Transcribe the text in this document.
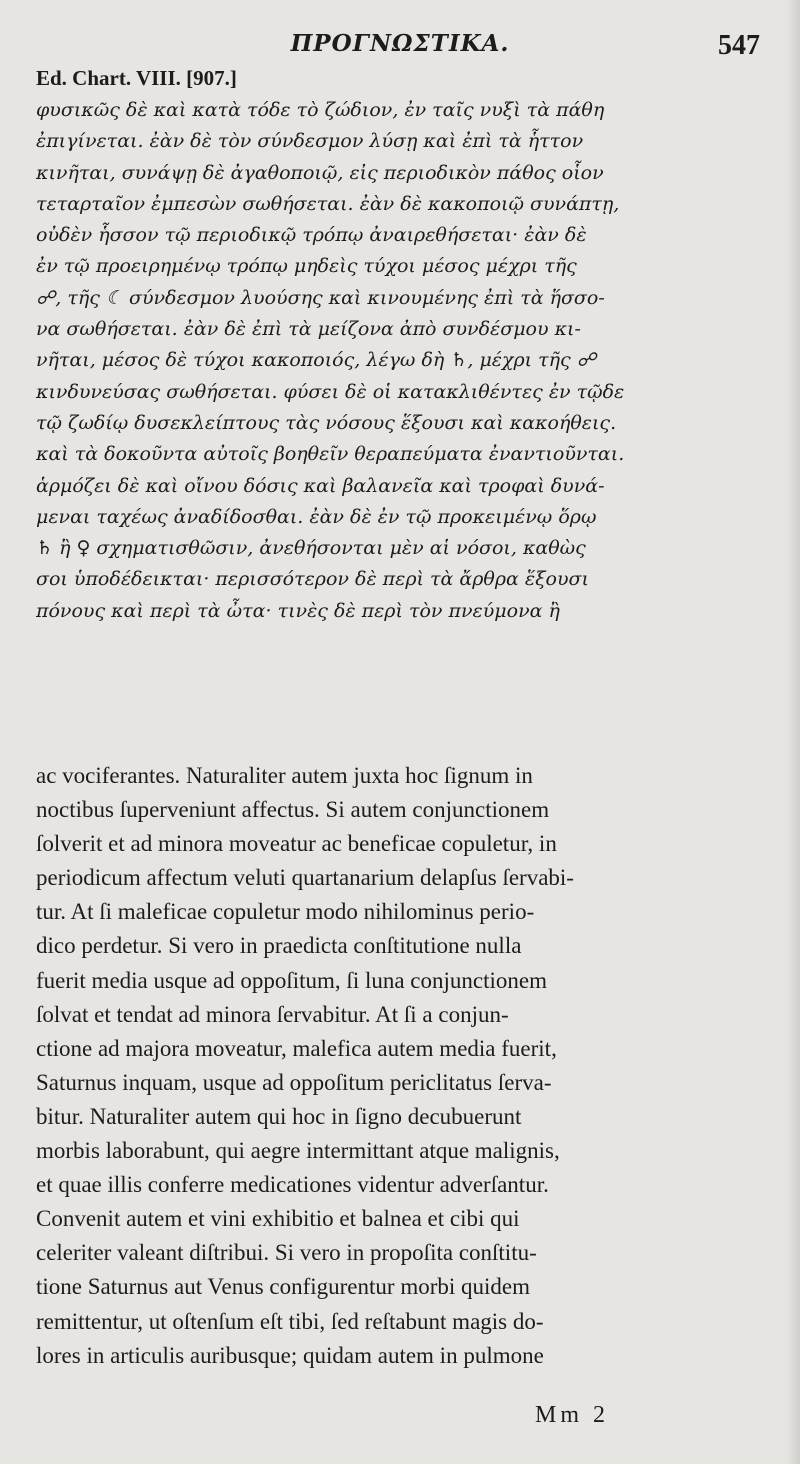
ΠΡΟΓΝΩΣΤΙΚΑ.	547
Ed. Chart. VIII. [907.]
φυσικῶς δὲ καὶ κατὰ τόδε τὸ ζώδιον, ἐν ταῖς νυξὶ τὰ πάθη
ἐπιγίνεται. ἐὰν δὲ τὸν σύνδεσμον λύσῃ καὶ ἐπὶ τὰ ἧττον
κινῆται, συνάψῃ δὲ ἀγαθοποιῷ, εἰς περιοδικὸν πάθος οἷον
τεταρταῖον ἐμπεσὼν σωθήσεται. ἐὰν δὲ κακοποιῷ συνάπτῃ,
οὐδὲν ἧσσον τῷ περιοδικῷ τρόπῳ ἀναιρεθήσεται· ἐὰν δὲ
ἐν τῷ προειρημένῳ τρόπῳ μηδεὶς τύχοι μέσος μέχρι τῆς
☍, τῆς ☾ σύνδεσμον λυούσης καὶ κινουμένης ἐπὶ τὰ ἥσσο-
να σωθήσεται. ἐὰν δὲ ἐπὶ τὰ μείζονα ἀπὸ συνδέσμου κι-
νῆται, μέσος δὲ τύχοι κακοποιός, λέγω δὴ ♄, μέχρι τῆς ☍
κινδυνεύσας σωθήσεται. φύσει δὲ οἱ κατακλιθέντες ἐν τῷδε
τῷ ζωδίῳ δυσεκλείπτους τὰς νόσους ἕξουσι καὶ κακοήθεις.
καὶ τὰ δοκοῦντα αὐτοῖς βοηθεῖν θεραπεύματα ἐναντιοῦνται.
ἁρμόζει δὲ καὶ οἴνου δόσις καὶ βαλανεῖα καὶ τροφαὶ δυνά-
μεναι ταχέως ἀναδίδοσθαι. ἐὰν δὲ ἐν τῷ προκειμένῳ ὅρῳ
♄ ἢ ♀ σχηματισθῶσιν, ἀνεθήσονται μὲν αἱ νόσοι, καθὼς
σοι ὑποδέδεικται· περισσότερον δὲ περὶ τὰ ἄρθρα ἕξουσι
πόνους καὶ περὶ τὰ ὦτα· τινὲς δὲ περὶ τὸν πνεύμονα ἢ
ac vociferantes. Naturaliter autem juxta hoc ſignum in
noctibus ſuperveniunt affectus. Si autem conjunctionem
ſolverit et ad minora moveatur ac beneficae copuletur, in
periodicum affectum veluti quartanarium delapſus ſervabi-
tur. At ſi maleficae copuletur modo nihilominus perio-
dico perdetur. Si vero in praedicta conſtitutione nulla
fuerit media usque ad oppoſitum, ſi luna conjunctionem
ſolvat et tendat ad minora ſervabitur. At ſi a conjun-
ctione ad majora moveatur, malefica autem media fuerit,
Saturnus inquam, usque ad oppoſitum periclitatus ſerva-
bitur. Naturaliter autem qui hoc in ſigno decubuerunt
morbis laborabunt, qui aegre intermittant atque malignis,
et quae illis conferre medicationes videntur adverſantur.
Convenit autem et vini exhibitio et balnea et cibi qui
celeriter valeant diſtribui. Si vero in propoſita conſtitu-
tione Saturnus aut Venus configurentur morbi quidem
remittentur, ut oſtenſum eſt tibi, ſed reſtabunt magis do-
lores in articulis auribusque; quidam autem in pulmone
Mm 2
